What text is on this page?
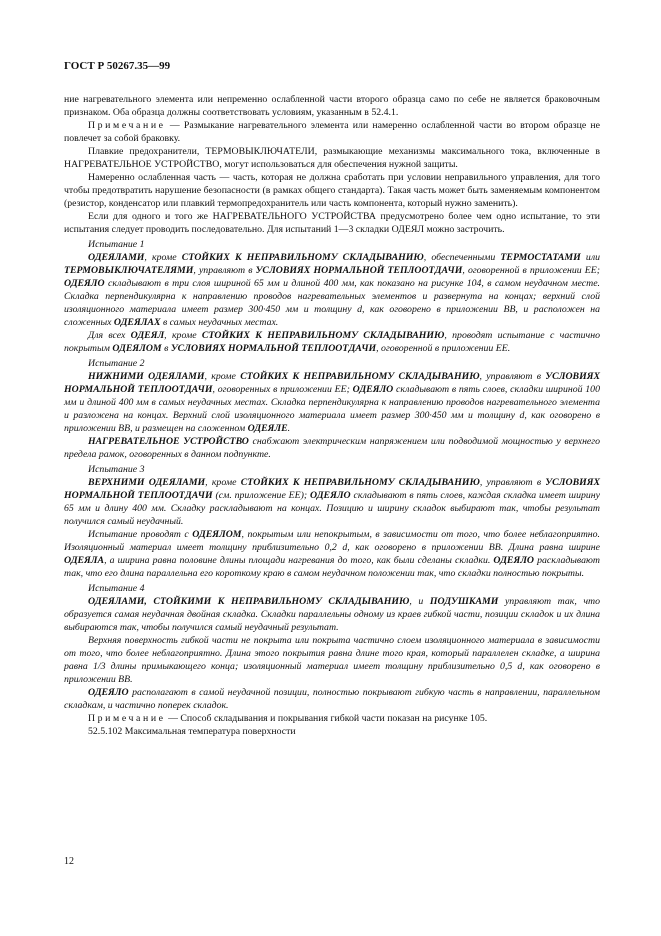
ГОСТ Р 50267.35—99

ние нагревательного элемента или непременно ослабленной части второго образца само по себе не является браковочным признаком. Оба образца должны соответствовать условиям, указанным в 52.4.1.

Примечание — Размыкание нагревательного элемента или намеренно ослабленной части во втором образце не повлечет за собой браковку.

Плавкие предохранители, ТЕРМОВЫКЛЮЧАТЕЛИ, размыкающие механизмы максимального тока, включенные в НАГРЕВАТЕЛЬНОЕ УСТРОЙСТВО, могут использоваться для обеспечения нужной защиты.

Намеренно ослабленная часть — часть, которая не должна сработать при условии неправильного управления, для того чтобы предотвратить нарушение безопасности (в рамках общего стандарта). Такая часть может быть заменяемым компонентом (резистор, конденсатор или плавкий термопредохранитель или часть компонента, который нужно заменить).

Если для одного и того же НАГРЕВАТЕЛЬНОГО УСТРОЙСТВА предусмотрено более чем одно испытание, то эти испытания следует проводить последовательно. Для испытаний 1—3 складки ОДЕЯЛ можно застрочить.

Испытание 1

ОДЕЯЛАМИ, кроме СТОЙКИХ К НЕПРАВИЛЬНОМУ СКЛАДЫВАНИЮ, обеспеченными ТЕРМОСТАТАМИ или ТЕРМОВЫКЛЮЧАТЕЛЯМИ, управляют в УСЛОВИЯХ НОРМАЛЬНОЙ ТЕПЛООТДАЧИ, оговоренной в приложении ЕЕ; ОДЕЯЛО складывают в три слоя шириной 65 мм и длиной 400 мм, как показано на рисунке 104, в самом неудачном месте. Складка перпендикулярна к направлению проводов нагревательных элементов и развернута на концах; верхний слой изоляционного материала имеет размер 300·450 мм и толщину d, как оговорено в приложении ВВ, и расположен на сложенных ОДЕЯЛАХ в самых неудачных местах.

Для всех ОДЕЯЛ, кроме СТОЙКИХ К НЕПРАВИЛЬНОМУ СКЛАДЫВАНИЮ, проводят испытание с частично покрытым ОДЕЯЛОМ в УСЛОВИЯХ НОРМАЛЬНОЙ ТЕПЛООТДАЧИ, оговоренной в приложении ЕЕ.

Испытание 2

НИЖНИМИ ОДЕЯЛАМИ, кроме СТОЙКИХ К НЕПРАВИЛЬНОМУ СКЛАДЫВАНИЮ, управляют в УСЛОВИЯХ НОРМАЛЬНОЙ ТЕПЛООТДАЧИ, оговоренных в приложении ЕЕ; ОДЕЯЛО складывают в пять слоев, складки шириной 100 мм и длиной 400 мм в самых неудачных местах. Складка перпендикулярна к направлению проводов нагревательного элемента и разложена на концах. Верхний слой изоляционного материала имеет размер 300·450 мм и толщину d, как оговорено в приложении ВВ, и размещен на сложенном ОДЕЯЛЕ.

НАГРЕВАТЕЛЬНОЕ УСТРОЙСТВО снабжают электрическим напряжением или подводимой мощностью у верхнего предела рамок, оговоренных в данном подпункте.

Испытание 3

ВЕРХНИМИ ОДЕЯЛАМИ, кроме СТОЙКИХ К НЕПРАВИЛЬНОМУ СКЛАДЫВАНИЮ, управляют в УСЛОВИЯХ НОРМАЛЬНОЙ ТЕПЛООТДАЧИ (см. приложение ЕЕ); ОДЕЯЛО складывают в пять слоев, каждая складка имеет ширину 65 мм и длину 400 мм. Складку раскладывают на концах. Позицию и ширину складок выбирают так, чтобы результат получился самый неудачный.

Испытание проводят с ОДЕЯЛОМ, покрытым или непокрытым, в зависимости от того, что более неблагоприятно. Изоляционный материал имеет толщину приблизительно 0,2 d, как оговорено в приложении ВВ. Длина равна ширине ОДЕЯЛА, а ширина равна половине длины площади нагревания до того, как были сделаны складки. ОДЕЯЛО раскладывают так, что его длина параллельна его короткому краю в самом неудачном положении так, что складки полностью покрыты.

Испытание 4

ОДЕЯЛАМИ, СТОЙКИМИ К НЕПРАВИЛЬНОМУ СКЛАДЫВАНИЮ, и ПОДУШКАМИ управляют так, что образуется самая неудачная двойная складка. Складки параллельны одному из краев гибкой части, позиции складок и их длина выбираются так, чтобы получился самый неудачный результат.

Верхняя поверхность гибкой части не покрыта или покрыта частично слоем изоляционного материала в зависимости от того, что более неблагоприятно. Длина этого покрытия равна длине того края, который параллелен складке, а ширина равна 1/3 длины примыкающего конца; изоляционный материал имеет толщину приблизительно 0,5 d, как оговорено в приложении ВВ.

ОДЕЯЛО располагают в самой неудачной позиции, полностью покрывают гибкую часть в направлении, параллельном складкам, и частично поперек складок.

Примечание — Способ складывания и покрывания гибкой части показан на рисунке 105.

52.5.102 Максимальная температура поверхности

12
